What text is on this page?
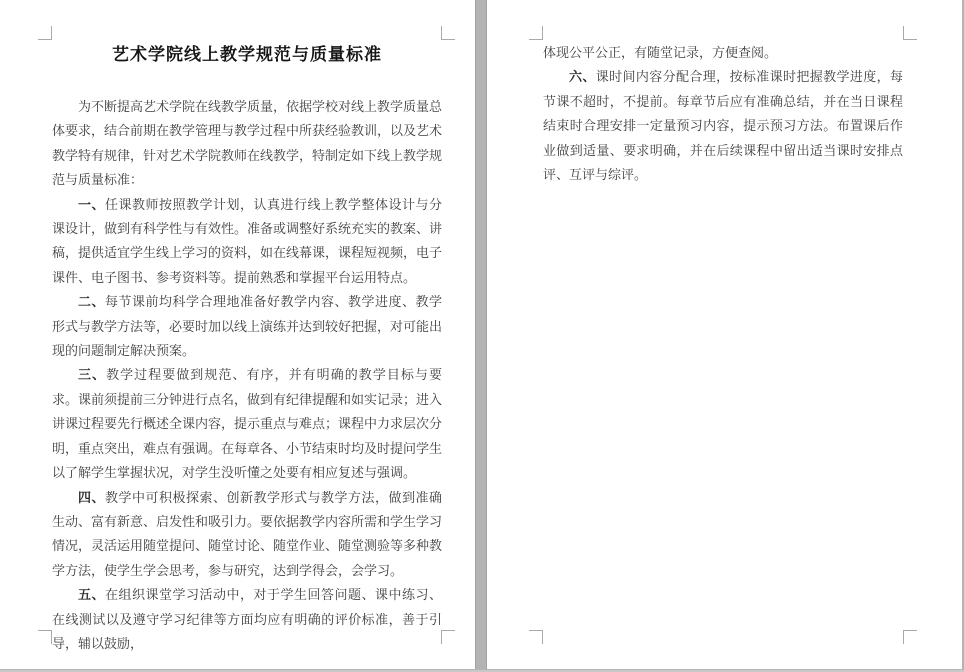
艺术学院线上教学规范与质量标准

为不断提高艺术学院在线教学质量，依据学校对线上教学质量总体要求，结合前期在教学管理与教学过程中所获经验教训，以及艺术教学特有规律，针对艺术学院教师在线教学，特制定如下线上教学规范与质量标准：

一、任课教师按照教学计划，认真进行线上教学整体设计与分课设计，做到有科学性与有效性。准备或调整好系统充实的教案、讲稿，提供适宜学生线上学习的资料，如在线幕课，课程短视频，电子课件、电子图书、参考资料等。提前熟悉和掌握平台运用特点。

二、每节课前均科学合理地准备好教学内容、教学进度、教学形式与教学方法等，必要时加以线上演练并达到较好把握，对可能出现的问题制定解决预案。

三、教学过程要做到规范、有序，并有明确的教学目标与要求。课前须提前三分钟进行点名，做到有纪律提醒和如实记录；进入讲课过程要先行概述全课内容，提示重点与难点；课程中力求层次分明，重点突出，难点有强调。在每章各、小节结束时均及时提问学生以了解学生掌握状况，对学生没听懂之处要有相应复述与强调。

四、教学中可积极探索、创新教学形式与教学方法，做到准确生动、富有新意、启发性和吸引力。要依据教学内容所需和学生学习情况，灵活运用随堂提问、随堂讨论、随堂作业、随堂测验等多种教学方法，使学生学会思考，参与研究，达到学得会，会学习。

五、在组织课堂学习活动中，对于学生回答问题、课中练习、在线测试以及遵守学习纪律等方面均应有明确的评价标准，善于引导，辅以鼓励，

体现公平公正，有随堂记录，方便查阅。

六、课时间内容分配合理，按标准课时把握教学进度，每节课不超时，不提前。每章节后应有准确总结，并在当日课程结束时合理安排一定量预习内容，提示预习方法。布置课后作业做到适量、要求明确，并在后续课程中留出适当课时安排点评、互评与综评。
